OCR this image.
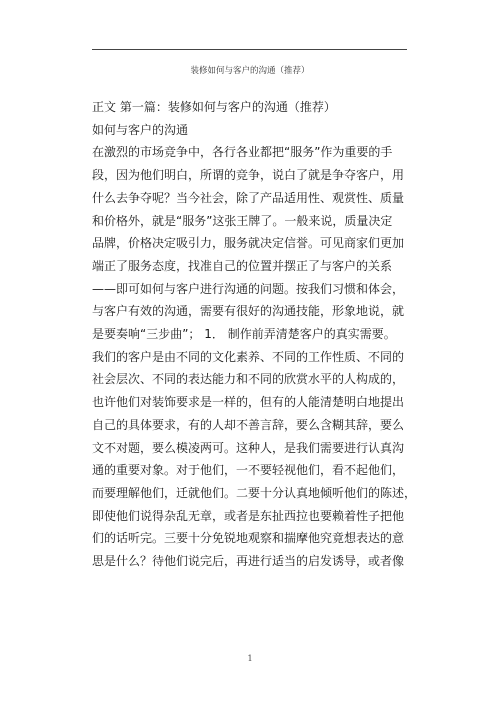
装修如何与客户的沟通（推荐）
正文 第一篇：装修如何与客户的沟通（推荐）
如何与客户的沟通
在激烈的市场竞争中，各行各业都把“服务”作为重要的手
段，因为他们明白，所谓的竞争，说白了就是争夺客户，用
什么去争夺呢？当今社会，除了产品适用性、观赏性、质量
和价格外，就是“服务”这张王牌了。一般来说，质量决定
品牌，价格决定吸引力，服务就决定信誉。可见商家们更加
端正了服务态度，找准自己的位置并摆正了与客户的关系
——即可如何与客户进行沟通的问题。按我们习惯和体会，
与客户有效的沟通，需要有很好的沟通技能，形象地说，就
是要奏响“三步曲”； 1． 制作前弄清楚客户的真实需要。
我们的客户是由不同的文化素养、不同的工作性质、不同的
社会层次、不同的表达能力和不同的欣赏水平的人构成的，
也许他们对装饰要求是一样的，但有的人能清楚明白地提出
自己的具体要求，有的人却不善言辞，要么含糊其辞，要么
文不对题，要么模凌两可。这种人，是我们需要进行认真沟
通的重要对象。对于他们，一不要轻视他们，看不起他们，
而要理解他们，迁就他们。二要十分认真地倾听他们的陈述，
即使他们说得杂乱无章，或者是东扯西拉也要赖着性子把他
们的话听完。三要十分免锐地观察和揣摩他究竟想表达的意
思是什么？待他们说完后，再进行适当的启发诱导，或者像
1
